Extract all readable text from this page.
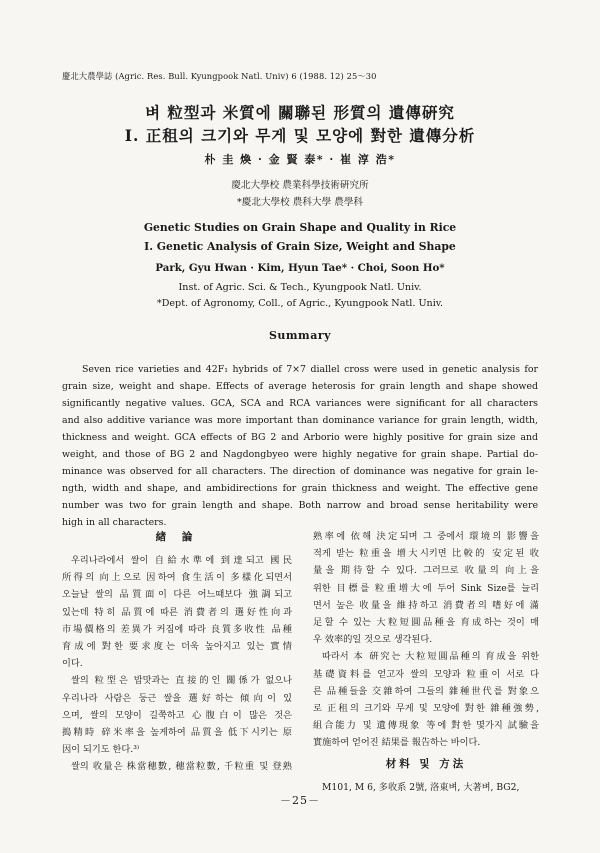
慶北大農學誌 (Agric. Res. Bull. Kyungpook Natl. Univ) 6 (1988. 12) 25～30
벼 粒型과 米質에 關聯된 形質의 遺傳硏究
Ⅰ. 正租의 크기와 무게 및 모양에 對한 遺傳分析
朴 圭 煥 · 金 賢 泰* · 崔 淳 浩*
慶北大學校 農業科學技術硏究所
*慶北大學校 農科大學 農學科
Genetic Studies on Grain Shape and Quality in Rice
Ⅰ. Genetic Analysis of Grain Size, Weight and Shape
Park, Gyu Hwan · Kim, Hyun Tae* · Choi, Soon Ho*
Inst. of Agric. Sci. & Tech., Kyungpook Natl. Univ.
*Dept. of Agronomy, Coll., of Agric., Kyungpook Natl. Univ.
Summary
Seven rice varieties and 42F₁ hybrids of 7×7 diallel cross were used in genetic analysis for
grain size, weight and shape. Effects of average heterosis for grain length and shape showed
significantly negative values. GCA, SCA and RCA variances were significant for all characters
and also additive variance was more important than dominance variance for grain length, width,
thickness and weight. GCA effects of BG 2 and Arborio were highly positive for grain size and
weight, and those of BG 2 and Nagdongbyeo were highly negative for grain shape. Partial do-
minance was observed for all characters. The direction of dominance was negative for grain le-
ngth, width and shape, and ambidirections for grain thickness and weight. The effective gene
number was two for grain length and shape. Both narrow and broad sense heritability were
high in all characters.
緖 論
우리나라에서 쌀이 自給水準에 到達되고 國民
所得의 向上으로 因하여 食生活이 多樣化되면서
오늘날 쌀의 品質面이 다른 어느때보다 強調되고
있는데 特히 品質에 따른 消費者의 選好性向과
市場價格의 差異가 커짐에 따라 良質多收性 品種
育成에 對한 要求度는 더욱 높아지고 있는 實情
이다.
쌀의 粒型은 밥맛과는 直接的인 關係가 없으나
우리나라 사람은 둥근 쌀을 選好하는 傾向이 있
으며, 쌀의 모양이 길쭉하고 心腹白이 많은 것은
搗精時 碎米率을 높게하여 品質을 低下시키는 原
因이 되기도 한다.³⁾
쌀의 收量은 株當穗數, 穗當粒數, 千粒重 및 登熟
熟率에 依해 決定되며 그 중에서 環境의 影響을
적게 받는 粒重을 增大시키면 比較的 安定된 收
量을 期待할 수 있다. 그러므로 收量의 向上을
위한 目標를 粒重增大에 두어 Sink Size를 늘리
면서 높은 收量을 維持하고 消費者의 嗜好에 滿
足할 수 있는 大粒短圓品種을 育成하는 것이 매
우 效率的일 것으로 생각된다.
따라서 本 硏究는 大粒短圓品種의 育成을 위한
基礎資料를 얻고자 쌀의 모양과 粒重이 서로 다
른 品種들을 交雜하여 그들의 雜種世代를 對象으
로 正租의 크기와 무게 및 모양에 對한 雜種強勢,
組合能力 및 遺傳現象 等에 對한 몇가지 試驗을
實施하여 얻어진 結果를 報告하는 바이다.
材料 및 方法
M101, M 6, 多收系 2號, 洛東벼, 大著벼, BG2,
－25－
